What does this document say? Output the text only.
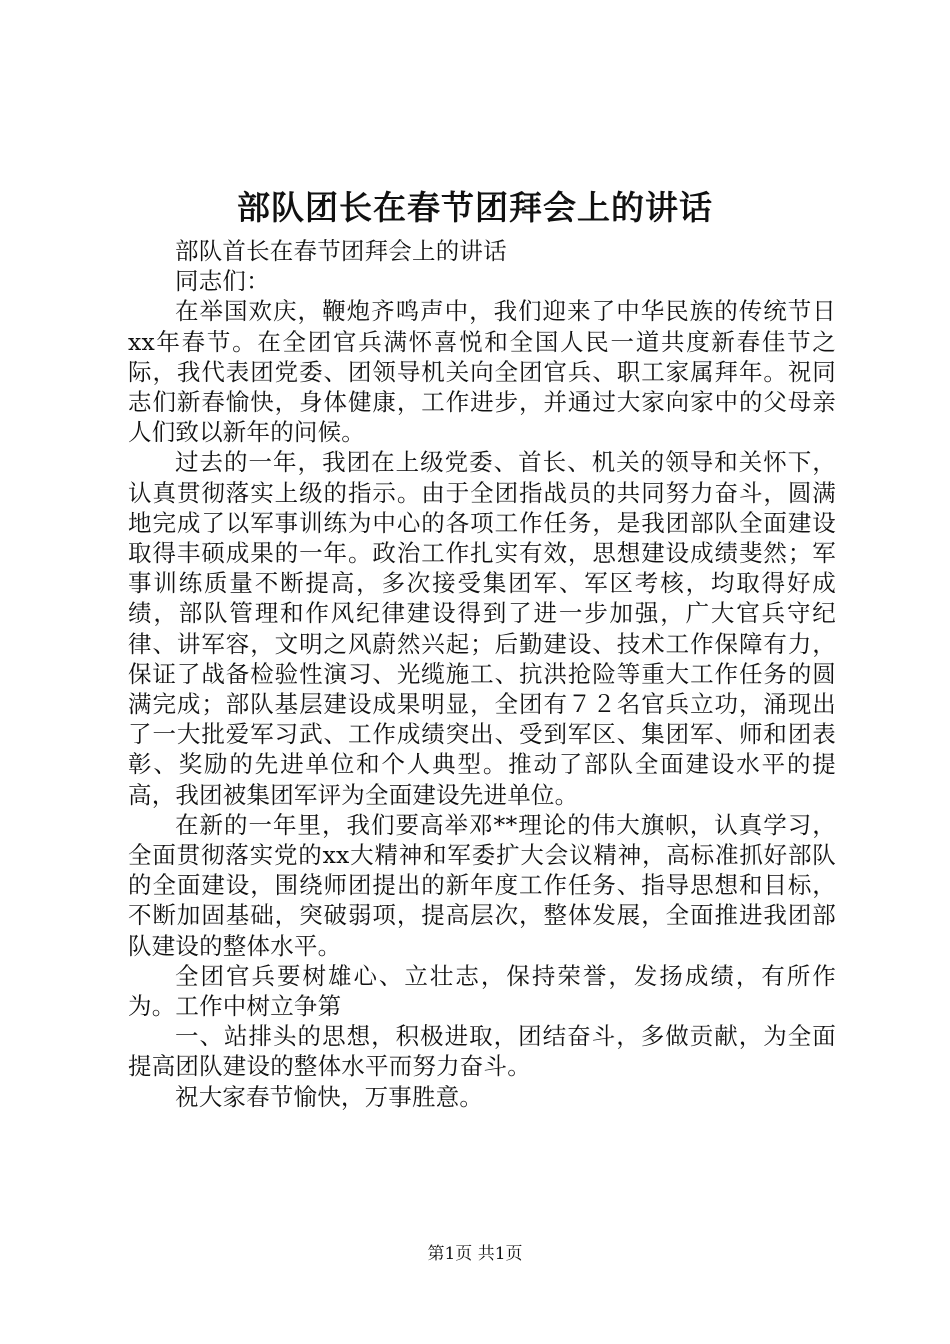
部队团长在春节团拜会上的讲话

部队首长在春节团拜会上的讲话

同志们：

在举国欢庆，鞭炮齐鸣声中，我们迎来了中华民族的传统节日xx年春节。在全团官兵满怀喜悦和全国人民一道共度新春佳节之际，我代表团党委、团领导机关向全团官兵、职工家属拜年。祝同志们新春愉快，身体健康，工作进步，并通过大家向家中的父母亲人们致以新年的问候。

过去的一年，我团在上级党委、首长、机关的领导和关怀下，认真贯彻落实上级的指示。由于全团指战员的共同努力奋斗，圆满地完成了以军事训练为中心的各项工作任务，是我团部队全面建设取得丰硕成果的一年。政治工作扎实有效，思想建设成绩斐然；军事训练质量不断提高，多次接受集团军、军区考核，均取得好成绩，部队管理和作风纪律建设得到了进一步加强，广大官兵守纪律、讲军容，文明之风蔚然兴起；后勤建设、技术工作保障有力，保证了战备检验性演习、光缆施工、抗洪抢险等重大工作任务的圆满完成；部队基层建设成果明显，全团有７２名官兵立功，涌现出了一大批爱军习武、工作成绩突出、受到军区、集团军、师和团表彰、奖励的先进单位和个人典型。推动了部队全面建设水平的提高，我团被集团军评为全面建设先进单位。

在新的一年里，我们要高举邓**理论的伟大旗帜，认真学习，全面贯彻落实党的xx大精神和军委扩大会议精神，高标准抓好部队的全面建设，围绕师团提出的新年度工作任务、指导思想和目标，不断加固基础，突破弱项，提高层次，整体发展，全面推进我团部队建设的整体水平。

全团官兵要树雄心、立壮志，保持荣誉，发扬成绩，有所作为。工作中树立争第

一、站排头的思想，积极进取，团结奋斗，多做贡献，为全面提高团队建设的整体水平而努力奋斗。

祝大家春节愉快，万事胜意。

第1页 共1页
